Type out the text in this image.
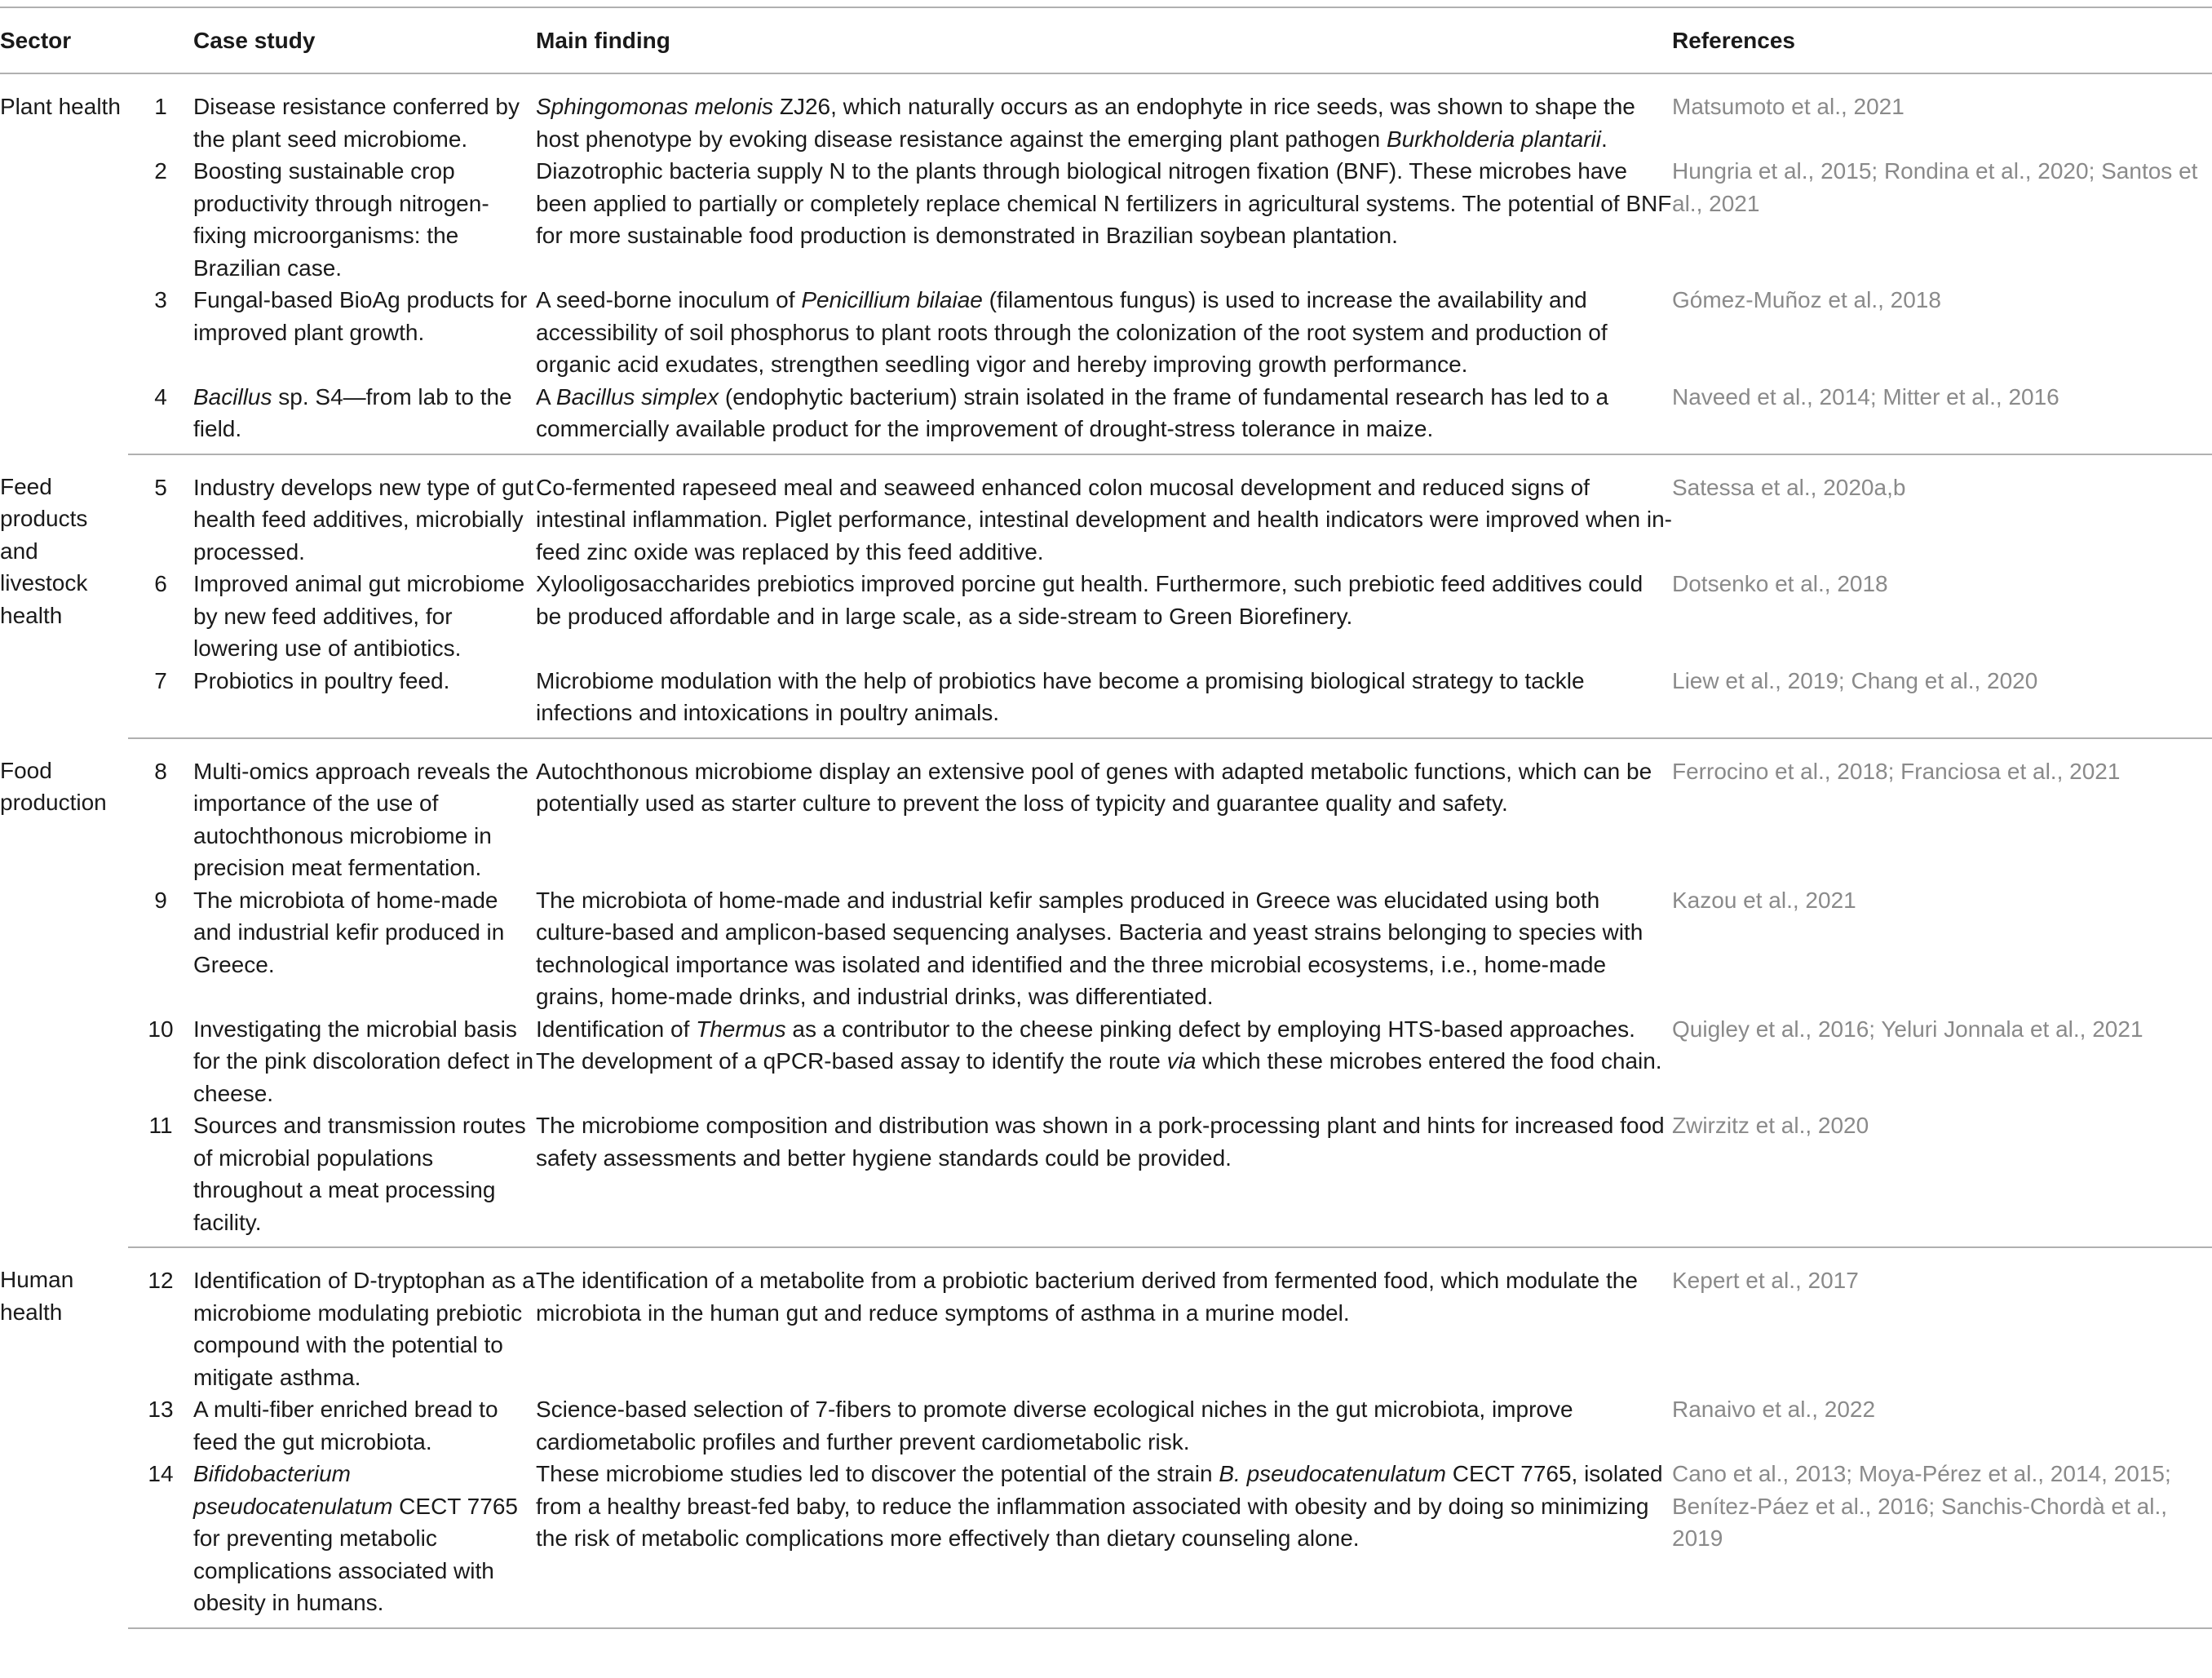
Sector		Case study	Main finding	References
Plant health	1	Disease resistance conferred by the plant seed microbiome.	Sphingomonas melonis ZJ26, which naturally occurs as an endophyte in rice seeds, was shown to shape the host phenotype by evoking disease resistance against the emerging plant pathogen Burkholderia plantarii.	Matsumoto et al., 2021
	2	Boosting sustainable crop productivity through nitrogen-fixing microorganisms: the Brazilian case.	Diazotrophic bacteria supply N to the plants through biological nitrogen fixation (BNF). These microbes have been applied to partially or completely replace chemical N fertilizers in agricultural systems. The potential of BNF for more sustainable food production is demonstrated in Brazilian soybean plantation.	Hungria et al., 2015; Rondina et al., 2020; Santos et al., 2021
	3	Fungal-based BioAg products for improved plant growth.	A seed-borne inoculum of Penicillium bilaiae (filamentous fungus) is used to increase the availability and accessibility of soil phosphorus to plant roots through the colonization of the root system and production of organic acid exudates, strengthen seedling vigor and hereby improving growth performance.	Gómez-Muñoz et al., 2018
	4	Bacillus sp. S4—from lab to the field.	A Bacillus simplex (endophytic bacterium) strain isolated in the frame of fundamental research has led to a commercially available product for the improvement of drought-stress tolerance in maize.	Naveed et al., 2014; Mitter et al., 2016
Feed products and livestock health	5	Industry develops new type of gut health feed additives, microbially processed.	Co-fermented rapeseed meal and seaweed enhanced colon mucosal development and reduced signs of intestinal inflammation. Piglet performance, intestinal development and health indicators were improved when in-feed zinc oxide was replaced by this feed additive.	Satessa et al., 2020a,b
	6	Improved animal gut microbiome by new feed additives, for lowering use of antibiotics.	Xylooligosaccharides prebiotics improved porcine gut health. Furthermore, such prebiotic feed additives could be produced affordable and in large scale, as a side-stream to Green Biorefinery.	Dotsenko et al., 2018
	7	Probiotics in poultry feed.	Microbiome modulation with the help of probiotics have become a promising biological strategy to tackle infections and intoxications in poultry animals.	Liew et al., 2019; Chang et al., 2020
Food production	8	Multi-omics approach reveals the importance of the use of autochthonous microbiome in precision meat fermentation.	Autochthonous microbiome display an extensive pool of genes with adapted metabolic functions, which can be potentially used as starter culture to prevent the loss of typicity and guarantee quality and safety.	Ferrocino et al., 2018; Franciosa et al., 2021
	9	The microbiota of home-made and industrial kefir produced in Greece.	The microbiota of home-made and industrial kefir samples produced in Greece was elucidated using both culture-based and amplicon-based sequencing analyses. Bacteria and yeast strains belonging to species with technological importance was isolated and identified and the three microbial ecosystems, i.e., home-made grains, home-made drinks, and industrial drinks, was differentiated.	Kazou et al., 2021
	10	Investigating the microbial basis for the pink discoloration defect in cheese.	Identification of Thermus as a contributor to the cheese pinking defect by employing HTS-based approaches. The development of a qPCR-based assay to identify the route via which these microbes entered the food chain.	Quigley et al., 2016; Yeluri Jonnala et al., 2021
	11	Sources and transmission routes of microbial populations throughout a meat processing facility.	The microbiome composition and distribution was shown in a pork-processing plant and hints for increased food safety assessments and better hygiene standards could be provided.	Zwirzitz et al., 2020
Human health	12	Identification of D-tryptophan as a microbiome modulating prebiotic compound with the potential to mitigate asthma.	The identification of a metabolite from a probiotic bacterium derived from fermented food, which modulate the microbiota in the human gut and reduce symptoms of asthma in a murine model.	Kepert et al., 2017
	13	A multi-fiber enriched bread to feed the gut microbiota.	Science-based selection of 7-fibers to promote diverse ecological niches in the gut microbiota, improve cardiometabolic profiles and further prevent cardiometabolic risk.	Ranaivo et al., 2022
	14	Bifidobacterium pseudocatenulatum CECT 7765 for preventing metabolic complications associated with obesity in humans.	These microbiome studies led to discover the potential of the strain B. pseudocatenulatum CECT 7765, isolated from a healthy breast-fed baby, to reduce the inflammation associated with obesity and by doing so minimizing the risk of metabolic complications more effectively than dietary counseling alone.	Cano et al., 2013; Moya-Pérez et al., 2014, 2015; Benítez-Páez et al., 2016; Sanchis-Chordà et al., 2019
